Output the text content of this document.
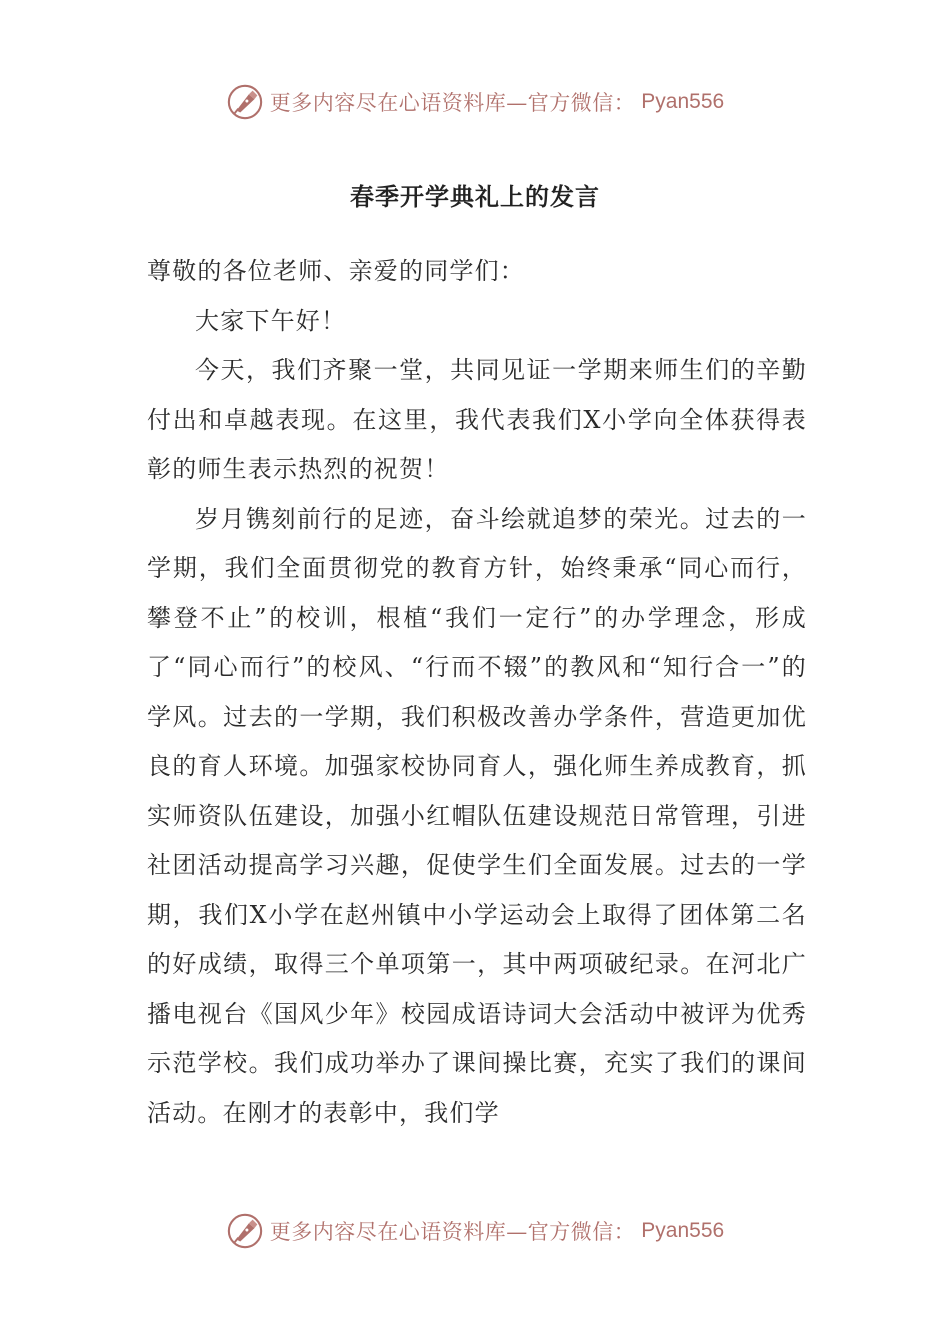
更多内容尽在心语资料库—官方微信： Pyan556
春季开学典礼上的发言

尊敬的各位老师、亲爱的同学们：

大家下午好！

今天，我们齐聚一堂，共同见证一学期来师生们的辛勤付出和卓越表现。在这里，我代表我们X小学向全体获得表彰的师生表示热烈的祝贺！

岁月镌刻前行的足迹，奋斗绘就追梦的荣光。过去的一学期，我们全面贯彻党的教育方针，始终秉承“同心而行，攀登不止”的校训，根植“我们一定行”的办学理念，形成了“同心而行”的校风、“行而不辍”的教风和“知行合一”的学风。过去的一学期，我们积极改善办学条件，营造更加优良的育人环境。加强家校协同育人，强化师生养成教育，抓实师资队伍建设，加强小红帽队伍建设规范日常管理，引进社团活动提高学习兴趣，促使学生们全面发展。过去的一学期，我们X小学在赵州镇中小学运动会上取得了团体第二名的好成绩，取得三个单项第一，其中两项破纪录。在河北广播电视台《国风少年》校园成语诗词大会活动中被评为优秀示范学校。我们成功举办了课间操比赛，充实了我们的课间活动。在刚才的表彰中，我们学

更多内容尽在心语资料库—官方微信： Pyan556
